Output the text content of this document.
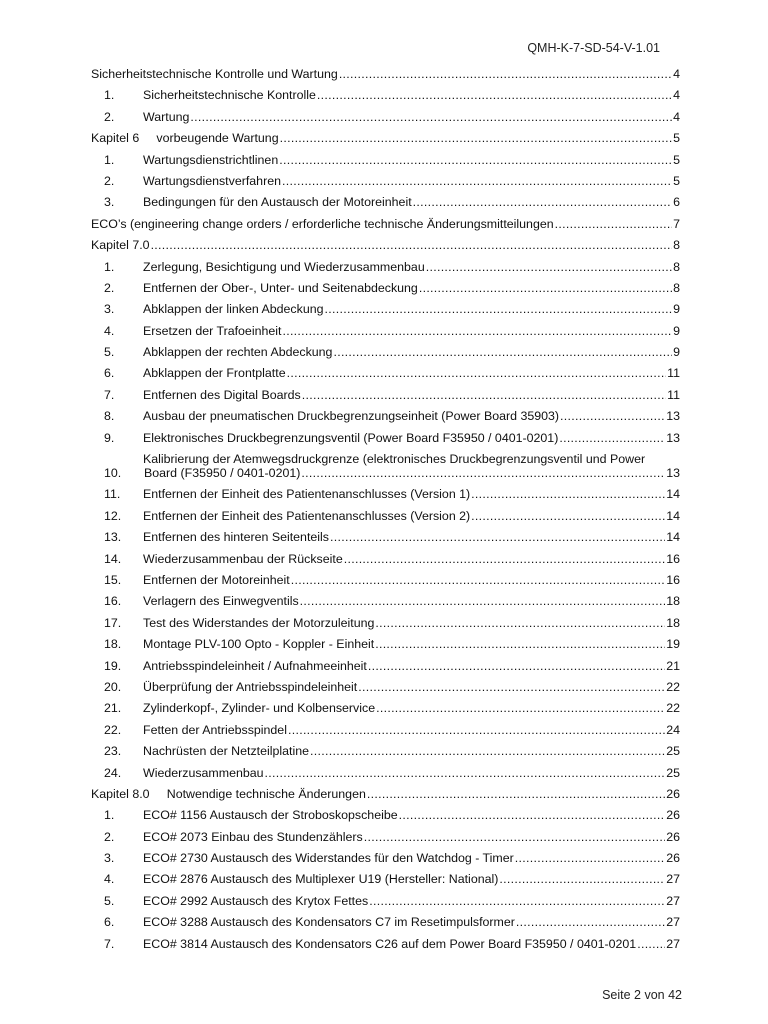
QMH-K-7-SD-54-V-1.01
Sicherheitstechnische Kontrolle und Wartung .....	4
1.	Sicherheitstechnische Kontrolle .....	4
2.	Wartung .....	4
Kapitel 6     vorbeugende Wartung .....	5
1.	Wartungsdienstrichtlinen .....	5
2.	Wartungsdienstverfahren .....	5
3.	Bedingungen für den Austausch der Motoreinheit .....	6
ECO’s (engineering change orders / erforderliche technische Änderungsmitteilungen .....	7
Kapitel 7.0 .....	8
1.	Zerlegung, Besichtigung und Wiederzusammenbau .....	8
2.	Entfernen der Ober-, Unter- und Seitenabdeckung .....	8
3.	Abklappen der linken Abdeckung .....	9
4.	Ersetzen der Trafoeinheit .....	9
5.	Abklappen der rechten Abdeckung .....	9
6.	Abklappen der Frontplatte .....	11
7.	Entfernen des Digital Boards .....	11
8.	Ausbau der pneumatischen Druckbegrenzungseinheit (Power Board 35903) .....	13
9.	Elektronisches Druckbegrenzungsventil (Power Board F35950 / 0401-0201) .....	13
10.
Kalibrierung der Atemwegsdruckgrenze (elektronisches Druckbegrenzungsventil und Power
Board (F35950 / 0401-0201) .....	13
11.	Entfernen der Einheit des Patientenanschlusses (Version 1) .....	14
12.	Entfernen der Einheit des Patientenanschlusses (Version 2) .....	14
13.	Entfernen des hinteren Seitenteils .....	14
14.	Wiederzusammenbau der Rückseite .....	16
15.	Entfernen der Motoreinheit .....	16
16.	Verlagern des Einwegventils .....	18
17.	Test des Widerstandes der Motorzuleitung .....	18
18.	Montage PLV-100 Opto - Koppler - Einheit .....	19
19.	Antriebsspindeleinheit / Aufnahmeeinheit .....	21
20.	Überprüfung der Antriebsspindeleinheit .....	22
21.	Zylinderkopf-, Zylinder- und Kolbenservice .....	22
22.	Fetten der Antriebsspindel .....	24
23.	Nachrüsten der Netzteilplatine .....	25
24.	Wiederzusammenbau .....	25
Kapitel 8.0     Notwendige technische Änderungen .....	26
1.	ECO# 1156 Austausch der Stroboskopscheibe .....	26
2.	ECO# 2073 Einbau des Stundenzählers .....	26
3.	ECO# 2730 Austausch des Widerstandes für den Watchdog - Timer .....	26
4.	ECO# 2876 Austausch des Multiplexer U19 (Hersteller: National) .....	27
5.	ECO# 2992 Austausch des Krytox Fettes .....	27
6.	ECO# 3288 Austausch des Kondensators C7 im Resetimpulsformer .....	27
7.	ECO# 3814 Austausch des Kondensators C26 auf dem Power Board F35950 / 0401-0201 ..... 27
Seite 2 von 42
